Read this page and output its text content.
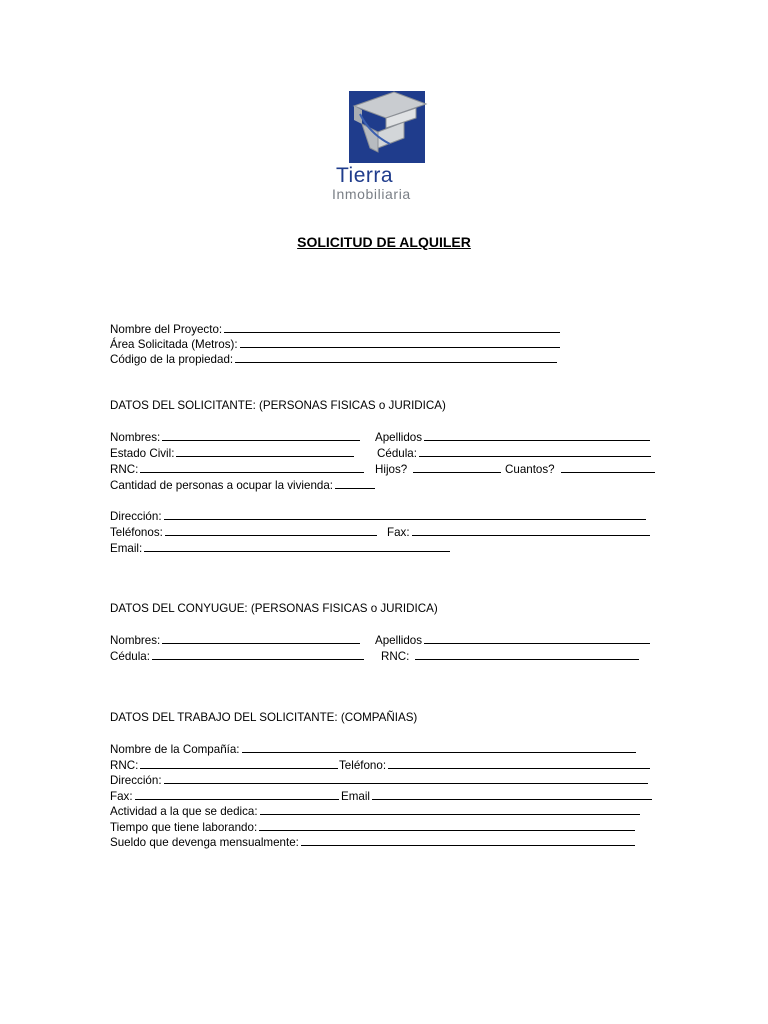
Tierra
Inmobiliaria
SOLICITUD DE ALQUILER
Nombre del Proyecto:
Área Solicitada (Metros):
Código de la propiedad:
DATOS DEL SOLICITANTE: (PERSONAS FISICAS o JURIDICA)
Nombres:	Apellidos
Estado Civil:	Cédula:
RNC:	Hijos?	Cuantos?
Cantidad de personas a ocupar la vivienda:
Dirección:
Teléfonos:	Fax:
Email:
DATOS DEL CONYUGUE: (PERSONAS FISICAS o JURIDICA)
Nombres:	Apellidos
Cédula:	RNC:
DATOS DEL TRABAJO DEL SOLICITANTE: (COMPAÑIAS)
Nombre de la Compañía:
RNC:	Teléfono:
Dirección:
Fax:	Email
Actividad a la que se dedica:
Tiempo que tiene laborando:
Sueldo que devenga mensualmente:
